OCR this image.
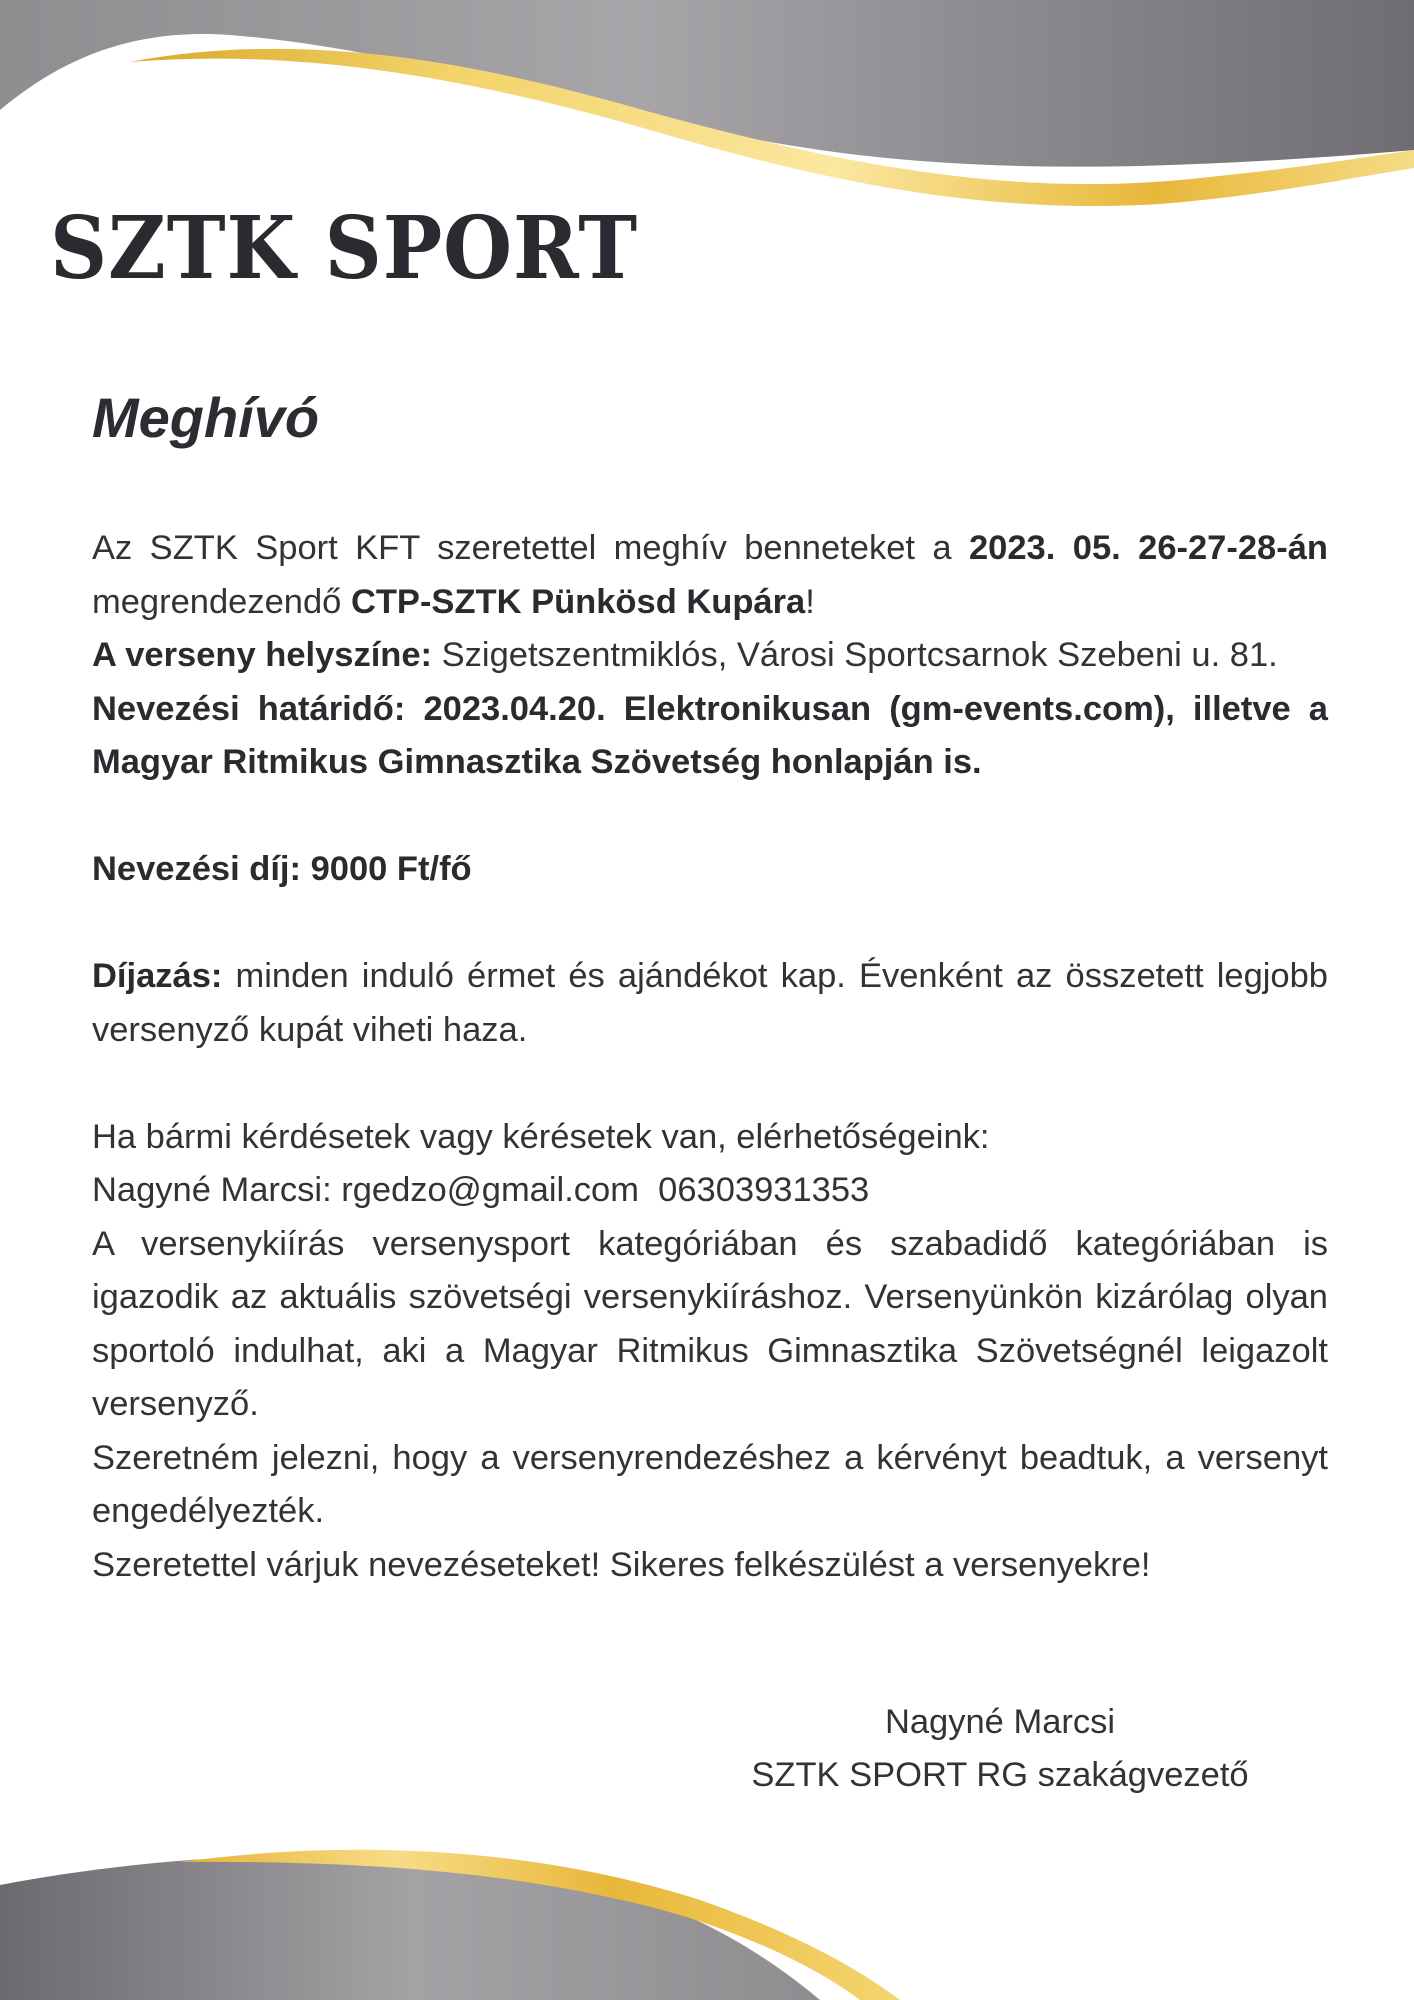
SZTK SPORT
Meghívó

Az SZTK Sport KFT szeretettel meghív benneteket a 2023. 05. 26-27-28-án megrendezendő CTP-SZTK Pünkösd Kupára!

A verseny helyszíne: Szigetszentmiklós, Városi Sportcsarnok Szebeni u. 81.

Nevezési határidő: 2023.04.20. Elektronikusan (gm-events.com), illetve a Magyar Ritmikus Gimnasztika Szövetség honlapján is.

Nevezési díj: 9000 Ft/fő

Díjazás: minden induló érmet és ajándékot kap. Évenként az összetett legjobb versenyző kupát viheti haza.

Ha bármi kérdésetek vagy kérésetek van, elérhetőségeink:

Nagyné Marcsi: rgedzo@gmail.com  06303931353

A versenykiírás versenysport kategóriában és szabadidő kategóriában is igazodik az aktuális szövetségi versenykiíráshoz. Versenyünkön kizárólag olyan sportoló indulhat, aki a Magyar Ritmikus Gimnasztika Szövetségnél leigazolt versenyző.

Szeretném jelezni, hogy a versenyrendezéshez a kérvényt beadtuk, a versenyt engedélyezték.

Szeretettel várjuk nevezéseteket! Sikeres felkészülést a versenyekre!

Nagyné Marcsi
SZTK SPORT RG szakágvezető
